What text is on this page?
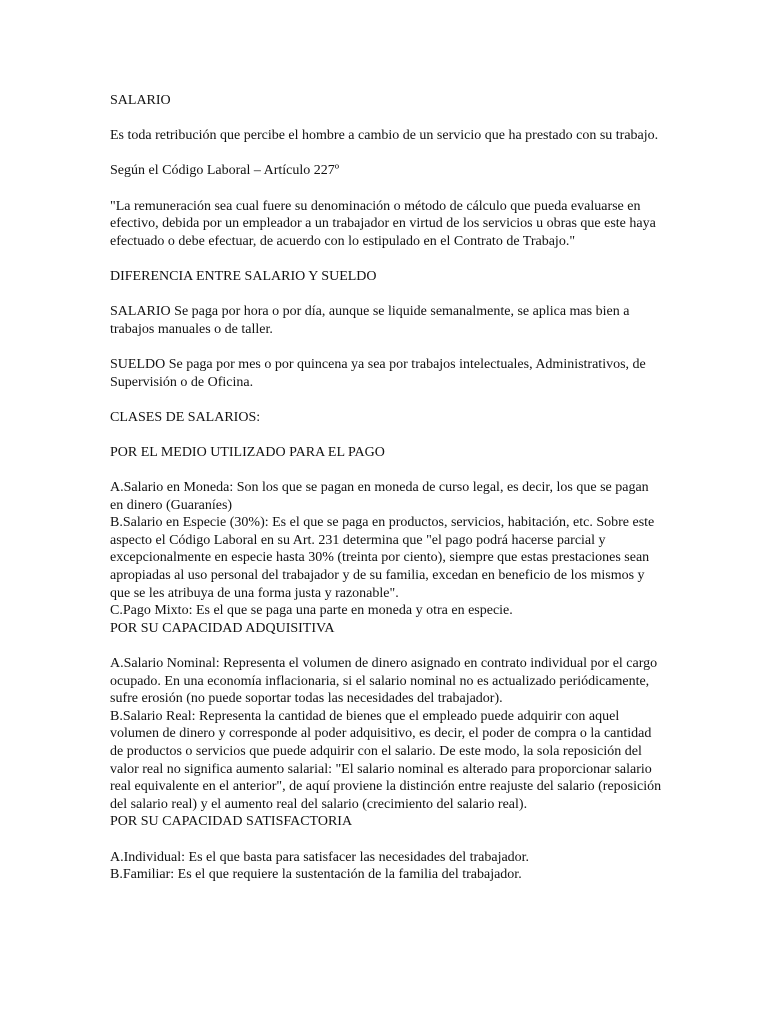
SALARIO

Es toda retribución que percibe el hombre a cambio de un servicio que ha prestado con su trabajo.

Según el Código Laboral – Artículo 227º

"La remuneración sea cual fuere su denominación o método de cálculo que pueda evaluarse en efectivo, debida por un empleador a un trabajador en virtud de los servicios u obras que este haya efectuado o debe efectuar, de acuerdo con lo estipulado en el Contrato de Trabajo."

DIFERENCIA ENTRE SALARIO Y SUELDO

SALARIO Se paga por hora o por día, aunque se liquide semanalmente, se aplica mas bien a trabajos manuales o de taller.

SUELDO Se paga por mes o por quincena ya sea por trabajos intelectuales, Administrativos, de Supervisión o de Oficina.

CLASES DE SALARIOS:

POR EL MEDIO UTILIZADO PARA EL PAGO

A.Salario en Moneda: Son los que se pagan en moneda de curso legal, es decir, los que se pagan en dinero (Guaraníes)

B.Salario en Especie (30%): Es el que se paga en productos, servicios, habitación, etc. Sobre este aspecto el Código Laboral en su Art. 231 determina que "el pago podrá hacerse parcial y excepcionalmente en especie hasta 30% (treinta por ciento), siempre que estas prestaciones sean apropiadas al uso personal del trabajador y de su familia, excedan en beneficio de los mismos y que se les atribuya de una forma justa y razonable".

C.Pago Mixto: Es el que se paga una parte en moneda y otra en especie.

POR SU CAPACIDAD ADQUISITIVA

A.Salario Nominal: Representa el volumen de dinero asignado en contrato individual por el cargo ocupado. En una economía inflacionaria, si el salario nominal no es actualizado periódicamente, sufre erosión (no puede soportar todas las necesidades del trabajador).

B.Salario Real: Representa la cantidad de bienes que el empleado puede adquirir con aquel volumen de dinero y corresponde al poder adquisitivo, es decir, el poder de compra o la cantidad de productos o servicios que puede adquirir con el salario. De este modo, la sola reposición del valor real no significa aumento salarial: "El salario nominal es alterado para proporcionar salario real equivalente en el anterior", de aquí proviene la distinción entre reajuste del salario (reposición del salario real) y el aumento real del salario (crecimiento del salario real).

POR SU CAPACIDAD SATISFACTORIA

A.Individual: Es el que basta para satisfacer las necesidades del trabajador.

B.Familiar: Es el que requiere la sustentación de la familia del trabajador.
